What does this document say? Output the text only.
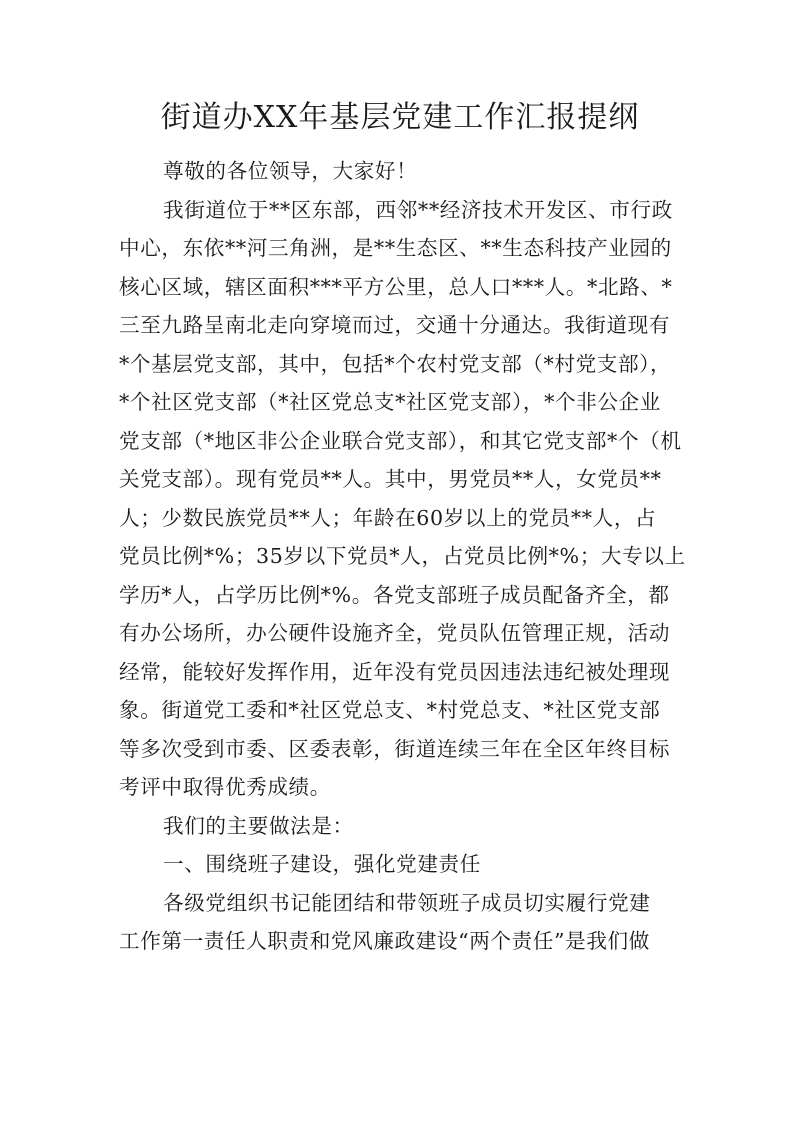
街道办XX年基层党建工作汇报提纲
尊敬的各位领导，大家好！
我街道位于**区东部，西邻**经济技术开发区、市行政
中心，东依**河三角洲，是**生态区、**生态科技产业园的
核心区域，辖区面积***平方公里，总人口***人。*北路、*
三至九路呈南北走向穿境而过，交通十分通达。我街道现有
*个基层党支部，其中，包括*个农村党支部（*村党支部），
*个社区党支部（*社区党总支*社区党支部），*个非公企业
党支部（*地区非公企业联合党支部），和其它党支部*个（机
关党支部）。现有党员**人。其中，男党员**人，女党员**
人；少数民族党员**人；年龄在60岁以上的党员**人，占
党员比例*%；35岁以下党员*人，占党员比例*%；大专以上
学历*人，占学历比例*%。各党支部班子成员配备齐全，都
有办公场所，办公硬件设施齐全，党员队伍管理正规，活动
经常，能较好发挥作用，近年没有党员因违法违纪被处理现
象。街道党工委和*社区党总支、*村党总支、*社区党支部
等多次受到市委、区委表彰，街道连续三年在全区年终目标
考评中取得优秀成绩。
我们的主要做法是：
一、围绕班子建设，强化党建责任
各级党组织书记能团结和带领班子成员切实履行党建
工作第一责任人职责和党风廉政建设“两个责任”是我们做
